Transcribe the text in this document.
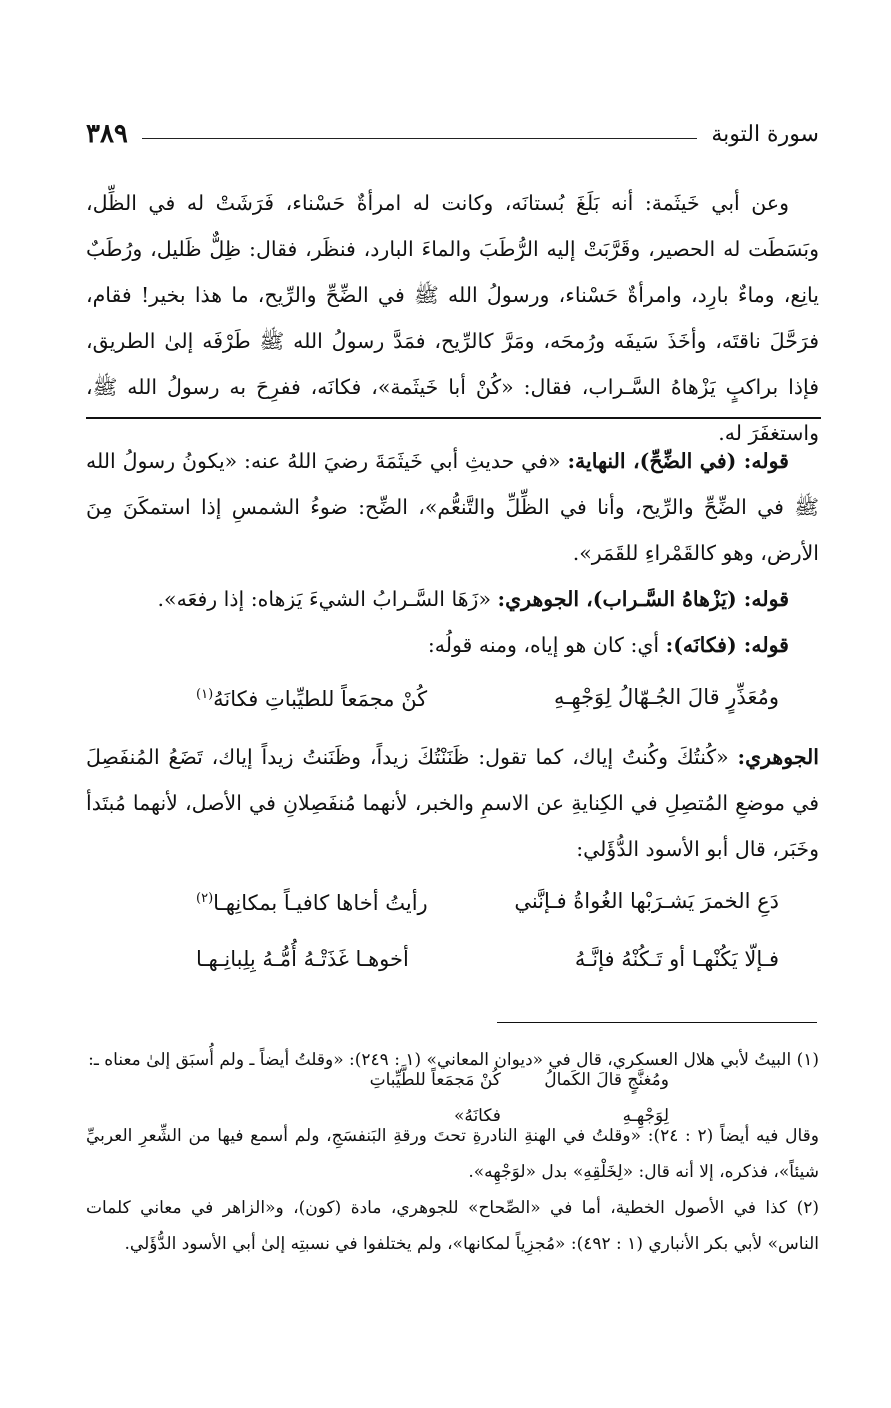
سورة التوبة
٣٨٩

وعن أبي خَيثَمة: أنه بَلَغَ بُستانَه، وكانت له امرأةٌ حَسْناء، فَرَشَتْ له في الظِّل، وبَسَطَت له الحصير، وقَرَّبَتْ إليه الرُّطَبَ والماءَ البارد، فنظَر، فقال: ظِلٌّ ظَليل، ورُطَبٌ يانِع، وماءٌ بارِد، وامرأةٌ حَسْناء، ورسولُ الله ﷺ في الضِّحِّ والرِّيح، ما هذا بخير! فقام، فرَحَّلَ ناقتَه، وأخَذَ سَيفَه ورُمحَه، ومَرَّ كالرِّيح، فمَدَّ رسولُ الله ﷺ طَرْفَه إلىٰ الطريق، فإذا براكبٍ يَزْهاهُ السَّـراب، فقال: «كُنْ أبا خَيثَمة»، فكانَه، ففرِحَ به رسولُ الله ﷺ، واستغفَرَ له.

قوله: (في الضِّحِّ)، النهاية: «في حديثِ أبي خَيثَمَةَ رضيَ اللهُ عنه: «يكونُ رسولُ الله ﷺ في الضِّحِّ والرِّيح، وأنا في الظِّلِّ والتَّنعُّم»، الضِّح: ضوءُ الشمسِ إذا استمكَنَ مِنَ الأرض، وهو كالقَمْراءِ للقَمَر».

قوله: (يَزْهاهُ السَّـراب)، الجوهري: «زَهَا السَّـرابُ الشيءَ يَزهاه: إذا رفعَه».

قوله: (فكانَه): أي: كان هو إياه، ومنه قولُه:

ومُعَذِّرٍ قالَ الجُـهّالُ لِوَجْهِـهِ
كُنْ مجمَعاً للطيِّباتِ فكانَهُ$^{(١)}$

الجوهري: «كُنتُكَ وكُنتُ إياك، كما تقول: ظَنَنْتُكَ زيداً، وظَنَنتُ زيداً إياك، تَضَعُ المُنفَصِلَ في موضعِ المُتصِلِ في الكِنايةِ عن الاسمِ والخبر، لأنهما مُنفَصِلانِ في الأصل، لأنهما مُبتَدأ وخَبَر، قال أبو الأسود الدُّؤَلي:

دَعِ الخمرَ يَشـرَبْها الغُواةُ فـإنَّني
رأيتُ أخاها كافيـاً بمكانِهـا$^{(٢)}$
فـإلّا يَكُنْهـا أو تَـكُنْهُ فإنَّـهُ
أخوهـا غَذَتْـهُ أُمُّـهُ بِلِبانِـهـا

(١) البيتُ لأبي هلال العسكري، قال في «ديوان المعاني» (١ : ٢٤٩): «وقلتُ أيضاً ـ ولم أُسبَق إلىٰ معناه ـ:

ومُغنَّجٍ قالَ الكَمالُ لِوَجْهِـهِ
كُنْ مَجمَعاً للطَّيِّباتِ فكانَهُ»

وقال فيه أيضاً (٢ : ٢٤): «وقلتُ في الهنةِ النادرةِ تحتَ ورقةِ البَنفسَجِ، ولم أسمع فيها من الشِّعرِ العربيِّ شيئاً»، فذكره، إلا أنه قال: «لِخَلْقِهِ» بدل «لوَجْهِه».

(٢) كذا في الأصول الخطية، أما في «الصِّحاح» للجوهري، مادة (كون)، و«الزاهر في معاني كلمات الناس» لأبي بكر الأنباري (١ : ٤٩٢): «مُجزِياً لمكانها»، ولم يختلفوا في نسبتِه إلىٰ أبي الأسود الدُّؤَلي.
